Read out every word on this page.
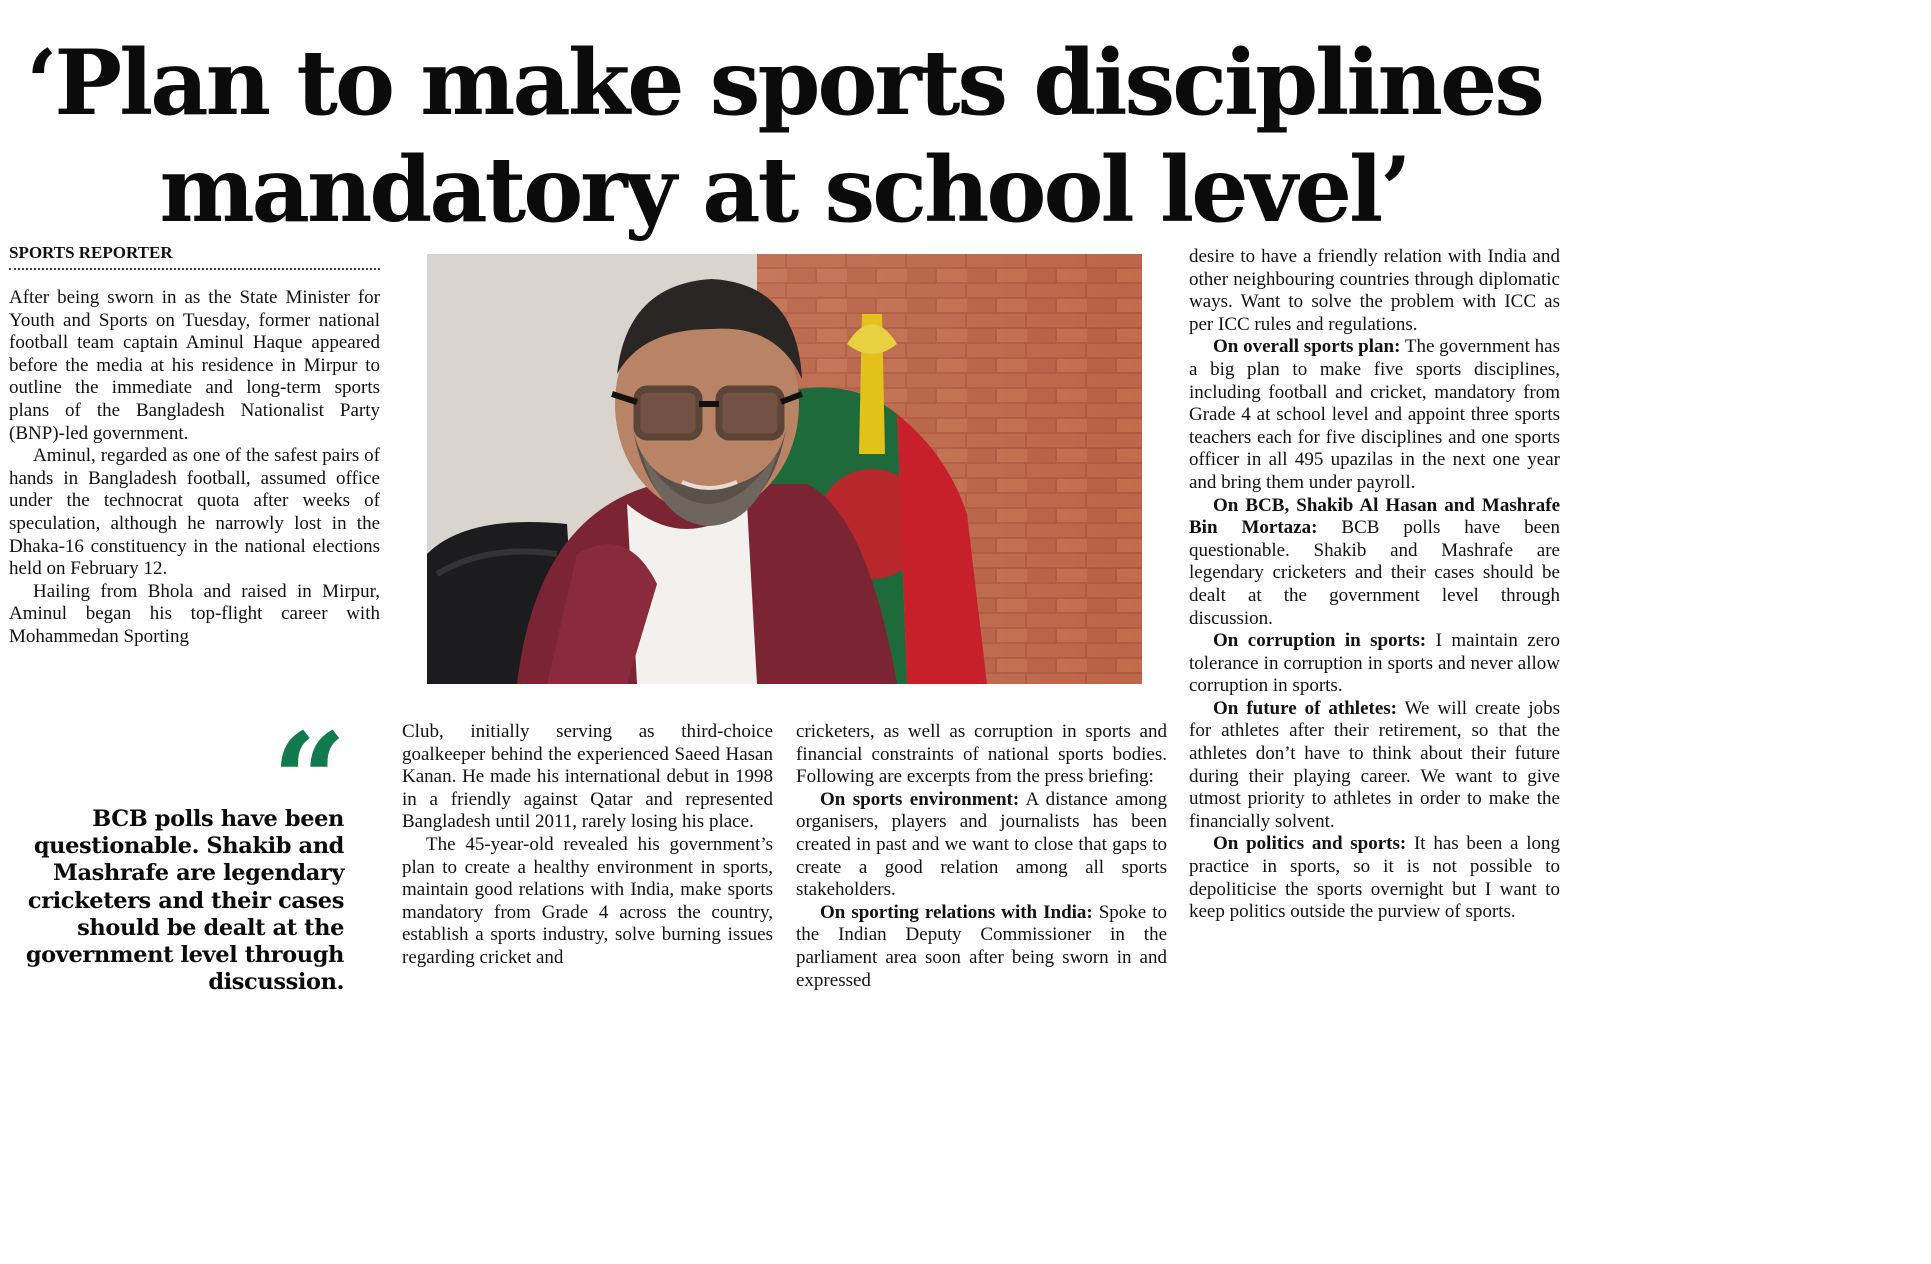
‘Plan to make sports disciplines
mandatory at school level’
SPORTS REPORTER

After being sworn in as the State Minister for Youth and Sports on Tuesday, former national football team captain Aminul Haque appeared before the media at his residence in Mirpur to outline the immediate and long-term sports plans of the Bangladesh Nationalist Party (BNP)-led government.

Aminul, regarded as one of the safest pairs of hands in Bangladesh football, assumed office under the technocrat quota after weeks of speculation, although he narrowly lost in the Dhaka-16 constituency in the national elections held on February 12.

Hailing from Bhola and raised in Mirpur, Aminul began his top-flight career with Mohammedan Sporting

“
BCB polls have been questionable. Shakib and Mashrafe are legendary cricketers and their cases should be dealt at the government level through discussion.

Club, initially serving as third-choice goalkeeper behind the experienced Saeed Hasan Kanan. He made his international debut in 1998 in a friendly against Qatar and represented Bangladesh until 2011, rarely losing his place.

The 45-year-old revealed his government’s plan to create a healthy environment in sports, maintain good relations with India, make sports mandatory from Grade 4 across the country, establish a sports industry, solve burning issues regarding cricket and

cricketers, as well as corruption in sports and financial constraints of national sports bodies. Following are excerpts from the press briefing:

On sports environment: A distance among organisers, players and journalists has been created in past and we want to close that gaps to create a good relation among all sports stakeholders.

On sporting relations with India: Spoke to the Indian Deputy Commissioner in the parliament area soon after being sworn in and expressed

desire to have a friendly relation with India and other neighbouring countries through diplomatic ways. Want to solve the problem with ICC as per ICC rules and regulations.

On overall sports plan: The government has a big plan to make five sports disciplines, including football and cricket, mandatory from Grade 4 at school level and appoint three sports teachers each for five disciplines and one sports officer in all 495 upazilas in the next one year and bring them under payroll.

On BCB, Shakib Al Hasan and Mashrafe Bin Mortaza: BCB polls have been questionable. Shakib and Mashrafe are legendary cricketers and their cases should be dealt at the government level through discussion.

On corruption in sports: I maintain zero tolerance in corruption in sports and never allow corruption in sports.

On future of athletes: We will create jobs for athletes after their retirement, so that the athletes don’t have to think about their future during their playing career. We want to give utmost priority to athletes in order to make the financially solvent.

On politics and sports: It has been a long practice in sports, so it is not possible to depoliticise the sports overnight but I want to keep politics outside the purview of sports.
